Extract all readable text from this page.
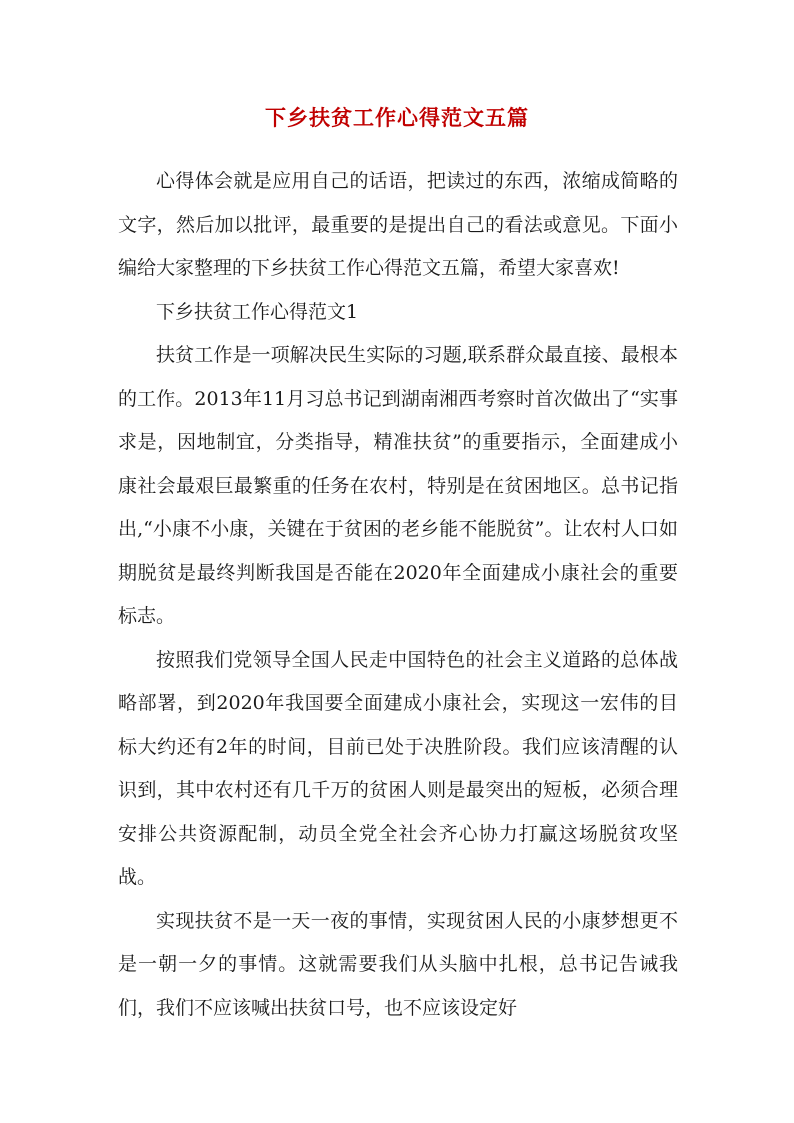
下乡扶贫工作心得范文五篇

心得体会就是应用自己的话语，把读过的东西，浓缩成简略的文字，然后加以批评，最重要的是提出自己的看法或意见。下面小编给大家整理的下乡扶贫工作心得范文五篇，希望大家喜欢!

下乡扶贫工作心得范文1

扶贫工作是一项解决民生实际的习题,联系群众最直接、最根本的工作。2013年11月习总书记到湖南湘西考察时首次做出了“实事求是，因地制宜，分类指导，精准扶贫”的重要指示，全面建成小康社会最艰巨最繁重的任务在农村，特别是在贫困地区。总书记指出,“小康不小康，关键在于贫困的老乡能不能脱贫”。让农村人口如期脱贫是最终判断我国是否能在2020年全面建成小康社会的重要标志。

按照我们党领导全国人民走中国特色的社会主义道路的总体战略部署，到2020年我国要全面建成小康社会，实现这一宏伟的目标大约还有2年的时间，目前已处于决胜阶段。我们应该清醒的认识到，其中农村还有几千万的贫困人则是最突出的短板，必须合理安排公共资源配制，动员全党全社会齐心协力打赢这场脱贫攻坚战。

实现扶贫不是一天一夜的事情，实现贫困人民的小康梦想更不是一朝一夕的事情。这就需要我们从头脑中扎根，总书记告诫我们，我们不应该喊出扶贫口号，也不应该设定好
